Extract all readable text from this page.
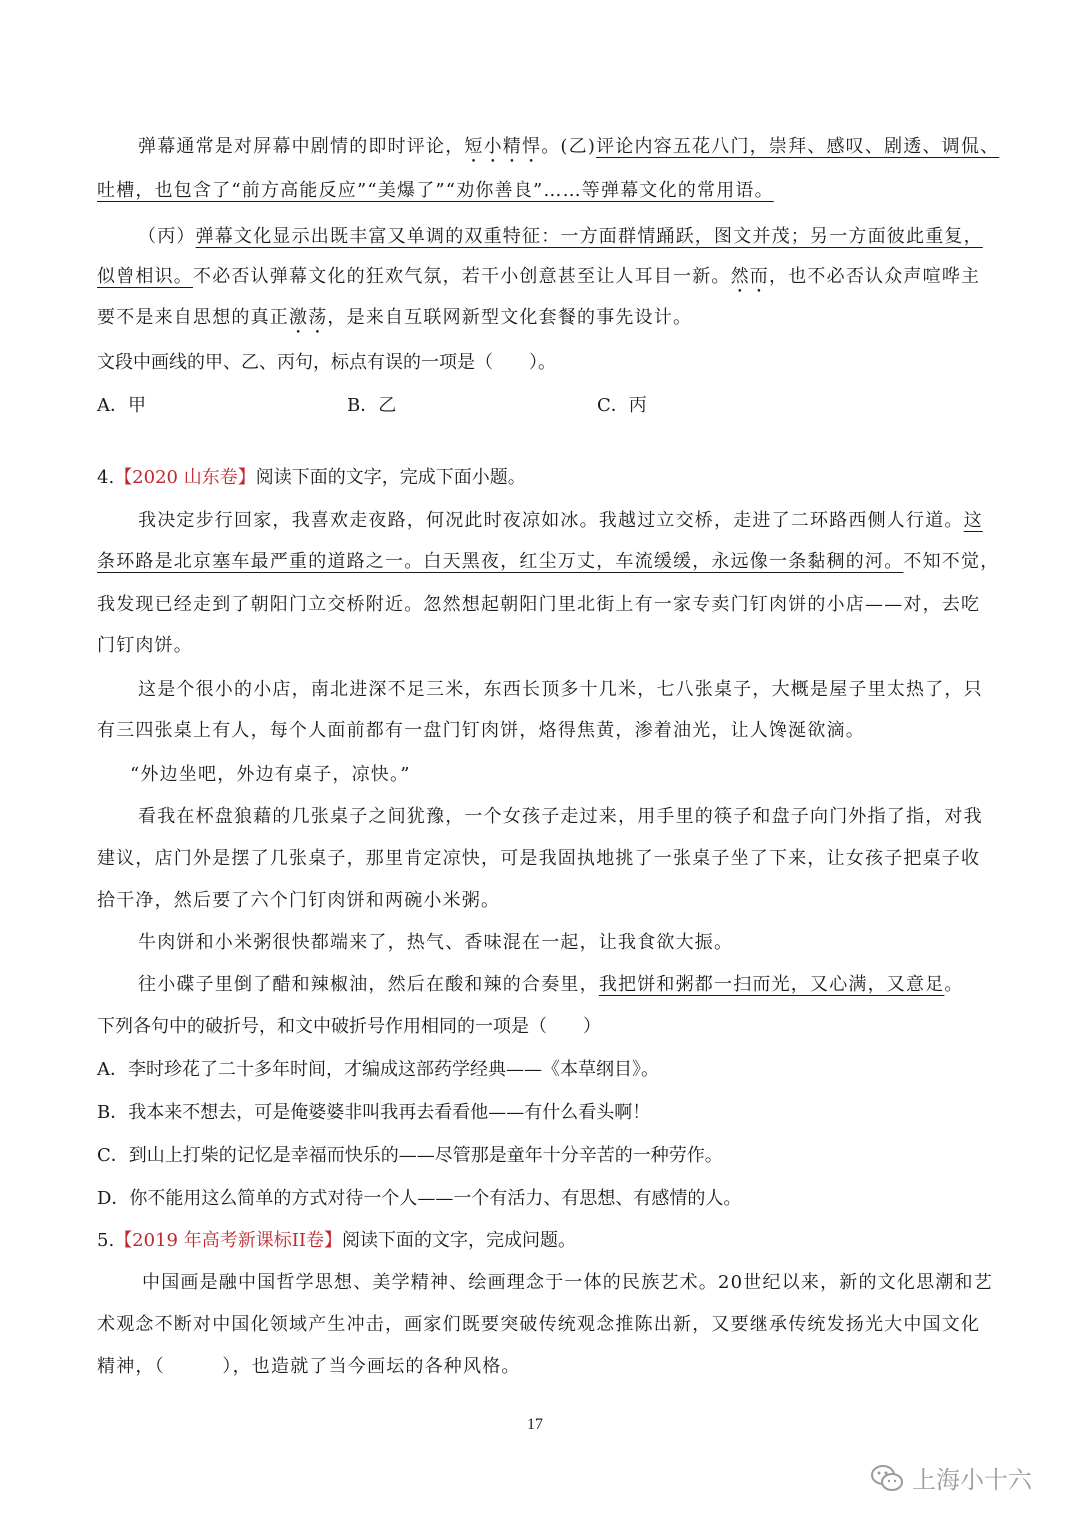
弹幕通常是对屏幕中剧情的即时评论，短小精悍。(乙)评论内容五花八门，崇拜、感叹、剧透、调侃、
吐槽，也包含了“前方高能反应”“美爆了”“劝你善良”……等弹幕文化的常用语。
（丙）弹幕文化显示出既丰富又单调的双重特征：一方面群情踊跃，图文并茂；另一方面彼此重复，
似曾相识。不必否认弹幕文化的狂欢气氛，若干小创意甚至让人耳目一新。然而，也不必否认众声喧哗主
要不是来自思想的真正激荡，是来自互联网新型文化套餐的事先设计。
文段中画线的甲、乙、丙句，标点有误的一项是（　　）。
A．甲	B．乙	C．丙
4.【2020 山东卷】阅读下面的文字，完成下面小题。
我决定步行回家，我喜欢走夜路，何况此时夜凉如冰。我越过立交桥，走进了二环路西侧人行道。这
条环路是北京塞车最严重的道路之一。白天黑夜，红尘万丈，车流缓缓，永远像一条黏稠的河。不知不觉，
我发现已经走到了朝阳门立交桥附近。忽然想起朝阳门里北街上有一家专卖门钉肉饼的小店——对，去吃
门钉肉饼。
这是个很小的小店，南北进深不足三米，东西长顶多十几米，七八张桌子，大概是屋子里太热了，只
有三四张桌上有人，每个人面前都有一盘门钉肉饼，烙得焦黄，渗着油光，让人馋涎欲滴。
“外边坐吧，外边有桌子，凉快。”
看我在杯盘狼藉的几张桌子之间犹豫，一个女孩子走过来，用手里的筷子和盘子向门外指了指，对我
建议，店门外是摆了几张桌子，那里肯定凉快，可是我固执地挑了一张桌子坐了下来，让女孩子把桌子收
拾干净，然后要了六个门钉肉饼和两碗小米粥。
牛肉饼和小米粥很快都端来了，热气、香味混在一起，让我食欲大振。
往小碟子里倒了醋和辣椒油，然后在酸和辣的合奏里，我把饼和粥都一扫而光，又心满，又意足。
下列各句中的破折号，和文中破折号作用相同的一项是（　　）
A．李时珍花了二十多年时间，才编成这部药学经典——《本草纲目》。
B．我本来不想去，可是俺婆婆非叫我再去看看他——有什么看头啊！
C．到山上打柴的记忆是幸福而快乐的——尽管那是童年十分辛苦的一种劳作。
D．你不能用这么简单的方式对待一个人——一个有活力、有思想、有感情的人。
5.【2019 年高考新课标II卷】阅读下面的文字，完成问题。
中国画是融中国哲学思想、美学精神、绘画理念于一体的民族艺术。20世纪以来，新的文化思潮和艺
术观念不断对中国化领域产生冲击，画家们既要突破传统观念推陈出新，又要继承传统发扬光大中国文化
精神，（　　　），也造就了当今画坛的各种风格。
17
上海小十六
